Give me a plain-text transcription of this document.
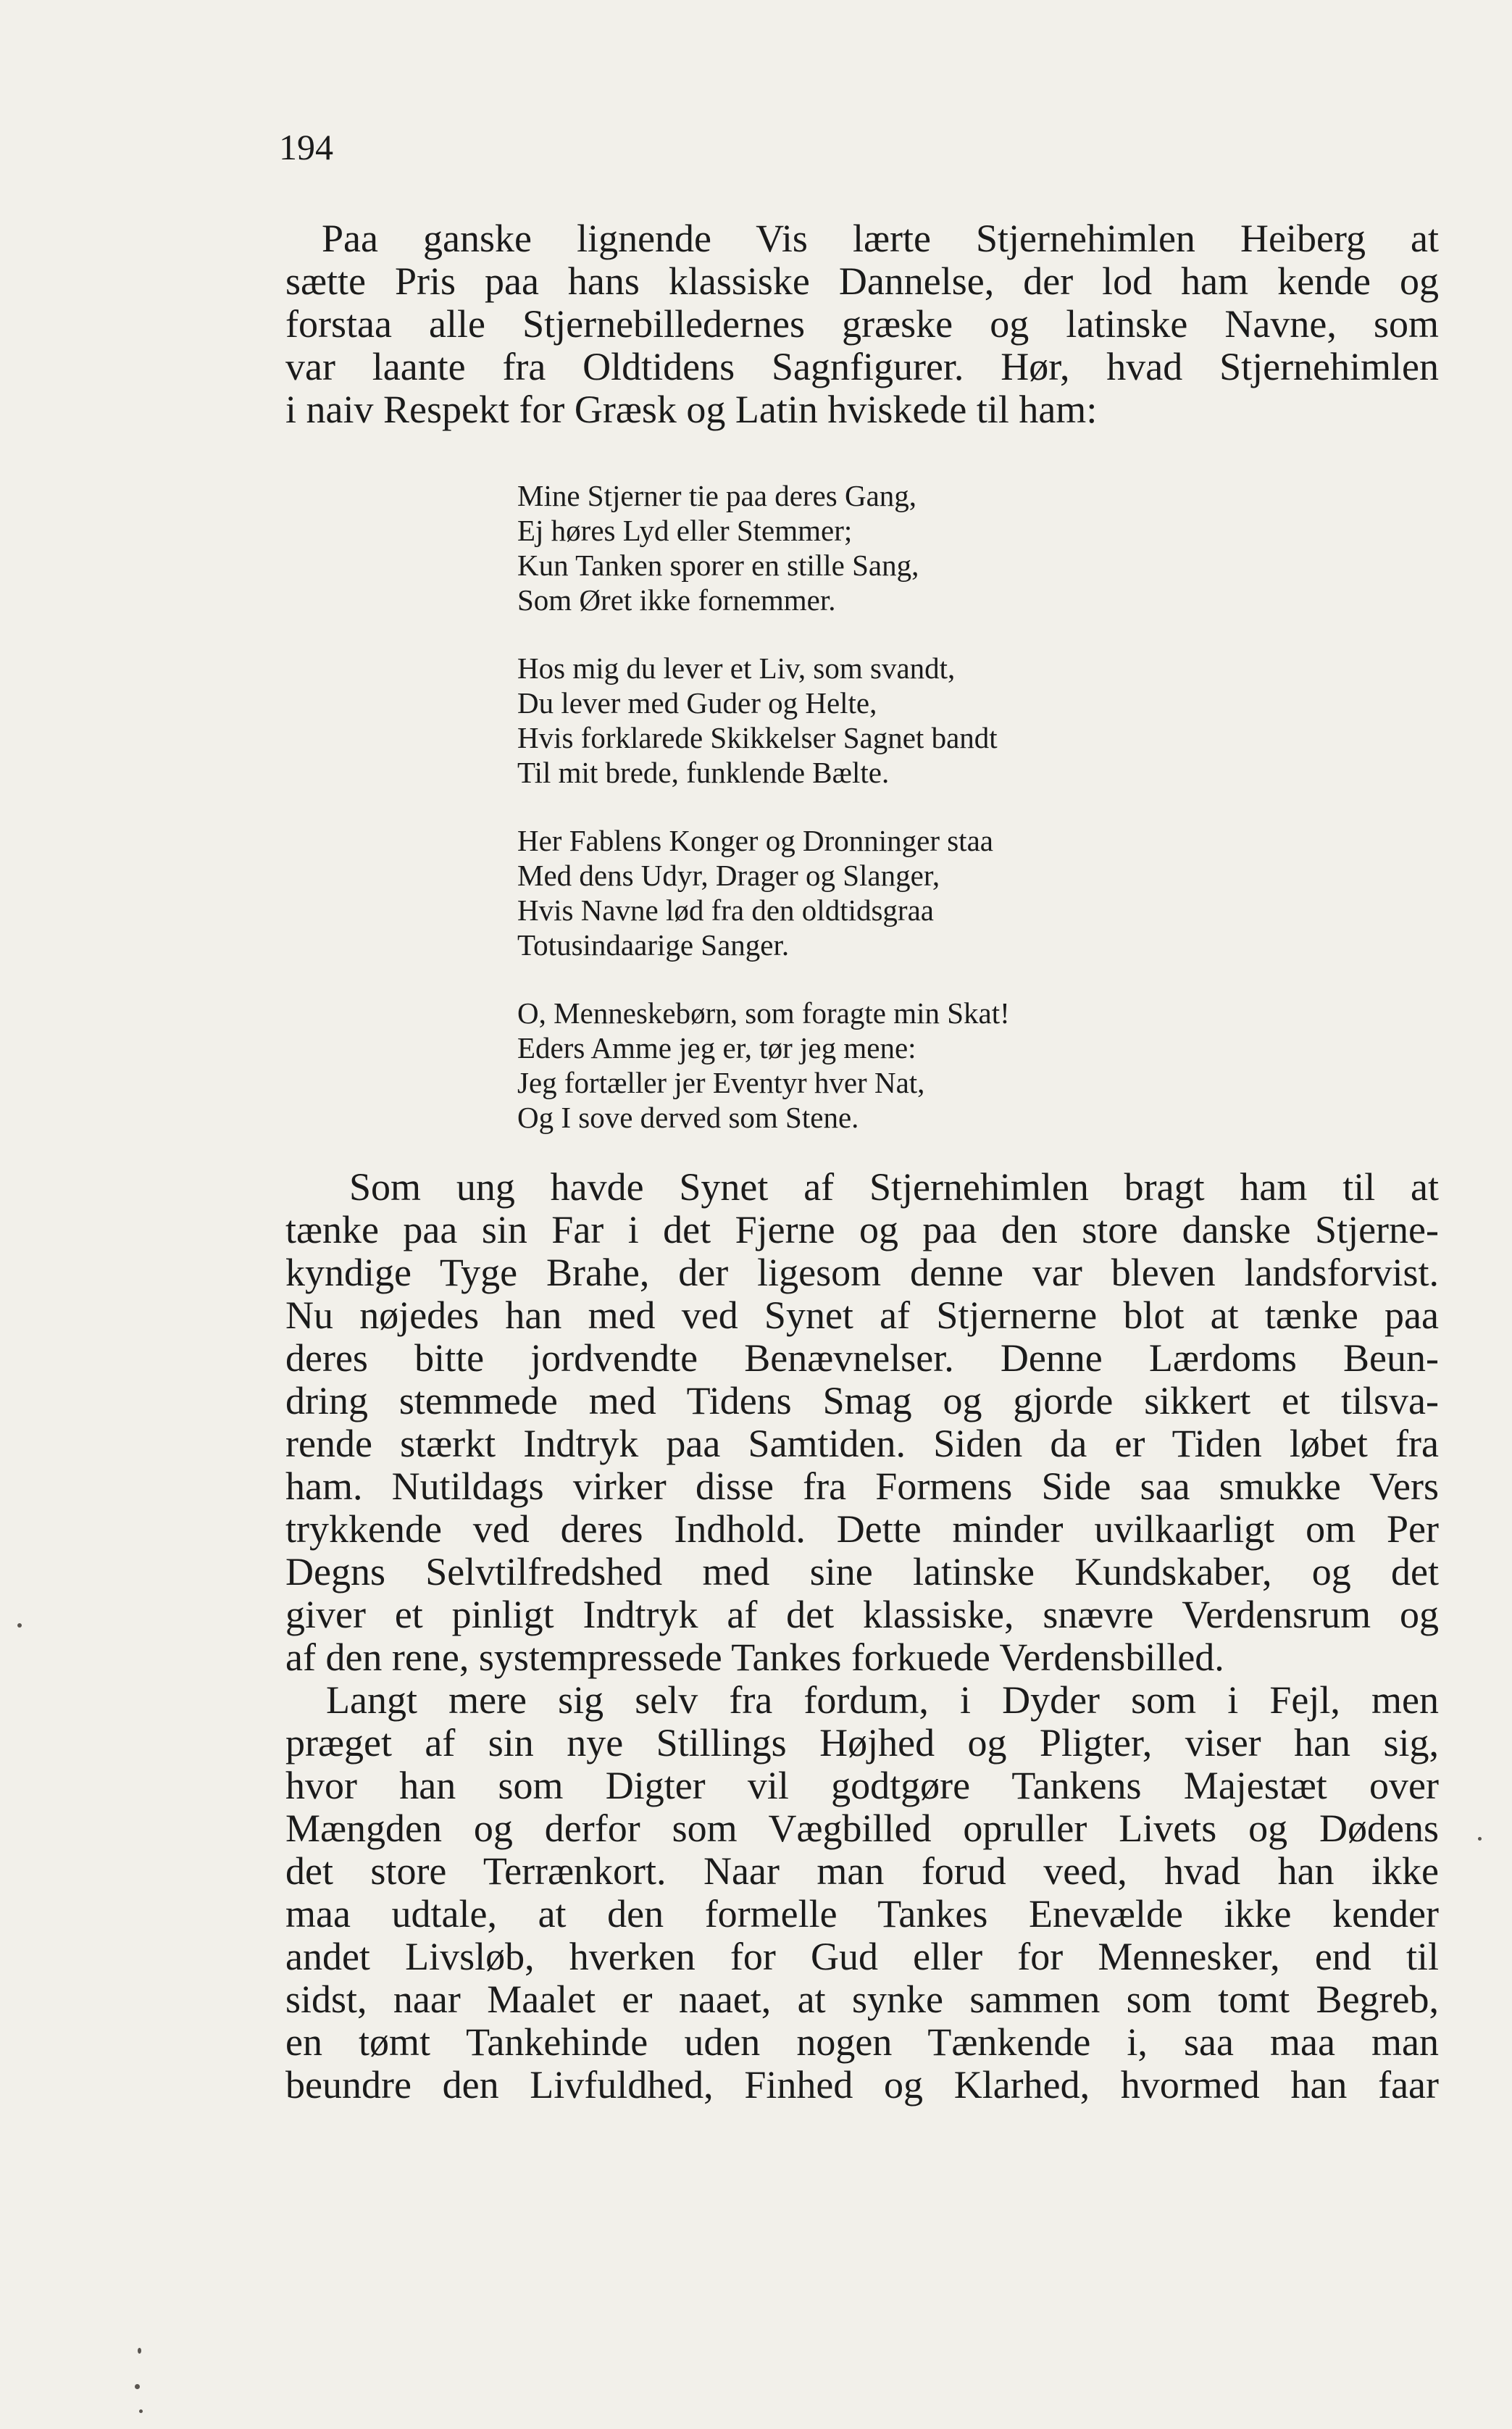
194
Paa ganske lignende Vis lærte Stjernehimlen Heiberg at
sætte Pris paa hans klassiske Dannelse, der lod ham kende og
forstaa alle Stjernebilledernes græske og latinske Navne, som
var laante fra Oldtidens Sagnfigurer. Hør, hvad Stjernehimlen
i naiv Respekt for Græsk og Latin hviskede til ham:
Mine Stjerner tie paa deres Gang,
Ej høres Lyd eller Stemmer;
Kun Tanken sporer en stille Sang,
Som Øret ikke fornemmer.
Hos mig du lever et Liv, som svandt,
Du lever med Guder og Helte,
Hvis forklarede Skikkelser Sagnet bandt
Til mit brede, funklende Bælte.
Her Fablens Konger og Dronninger staa
Med dens Udyr, Drager og Slanger,
Hvis Navne lød fra den oldtidsgraa
Totusindaarige Sanger.
O, Menneskebørn, som foragte min Skat!
Eders Amme jeg er, tør jeg mene:
Jeg fortæller jer Eventyr hver Nat,
Og I sove derved som Stene.
Som ung havde Synet af Stjernehimlen bragt ham til at
tænke paa sin Far i det Fjerne og paa den store danske Stjerne-
kyndige Tyge Brahe, der ligesom denne var bleven landsforvist.
Nu nøjedes han med ved Synet af Stjernerne blot at tænke paa
deres bitte jordvendte Benævnelser. Denne Lærdoms Beun-
dring stemmede med Tidens Smag og gjorde sikkert et tilsva-
rende stærkt Indtryk paa Samtiden. Siden da er Tiden løbet fra
ham. Nutildags virker disse fra Formens Side saa smukke Vers
trykkende ved deres Indhold. Dette minder uvilkaarligt om Per
Degns Selvtilfredshed med sine latinske Kundskaber, og det
giver et pinligt Indtryk af det klassiske, snævre Verdensrum og
af den rene, systempressede Tankes forkuede Verdensbilled.
Langt mere sig selv fra fordum, i Dyder som i Fejl, men
præget af sin nye Stillings Højhed og Pligter, viser han sig,
hvor han som Digter vil godtgøre Tankens Majestæt over
Mængden og derfor som Vægbilled opruller Livets og Dødens
det store Terrænkort. Naar man forud veed, hvad han ikke
maa udtale, at den formelle Tankes Enevælde ikke kender
andet Livsløb, hverken for Gud eller for Mennesker, end til
sidst, naar Maalet er naaet, at synke sammen som tomt Begreb,
en tømt Tankehinde uden nogen Tænkende i, saa maa man
beundre den Livfuldhed, Finhed og Klarhed, hvormed han faar
